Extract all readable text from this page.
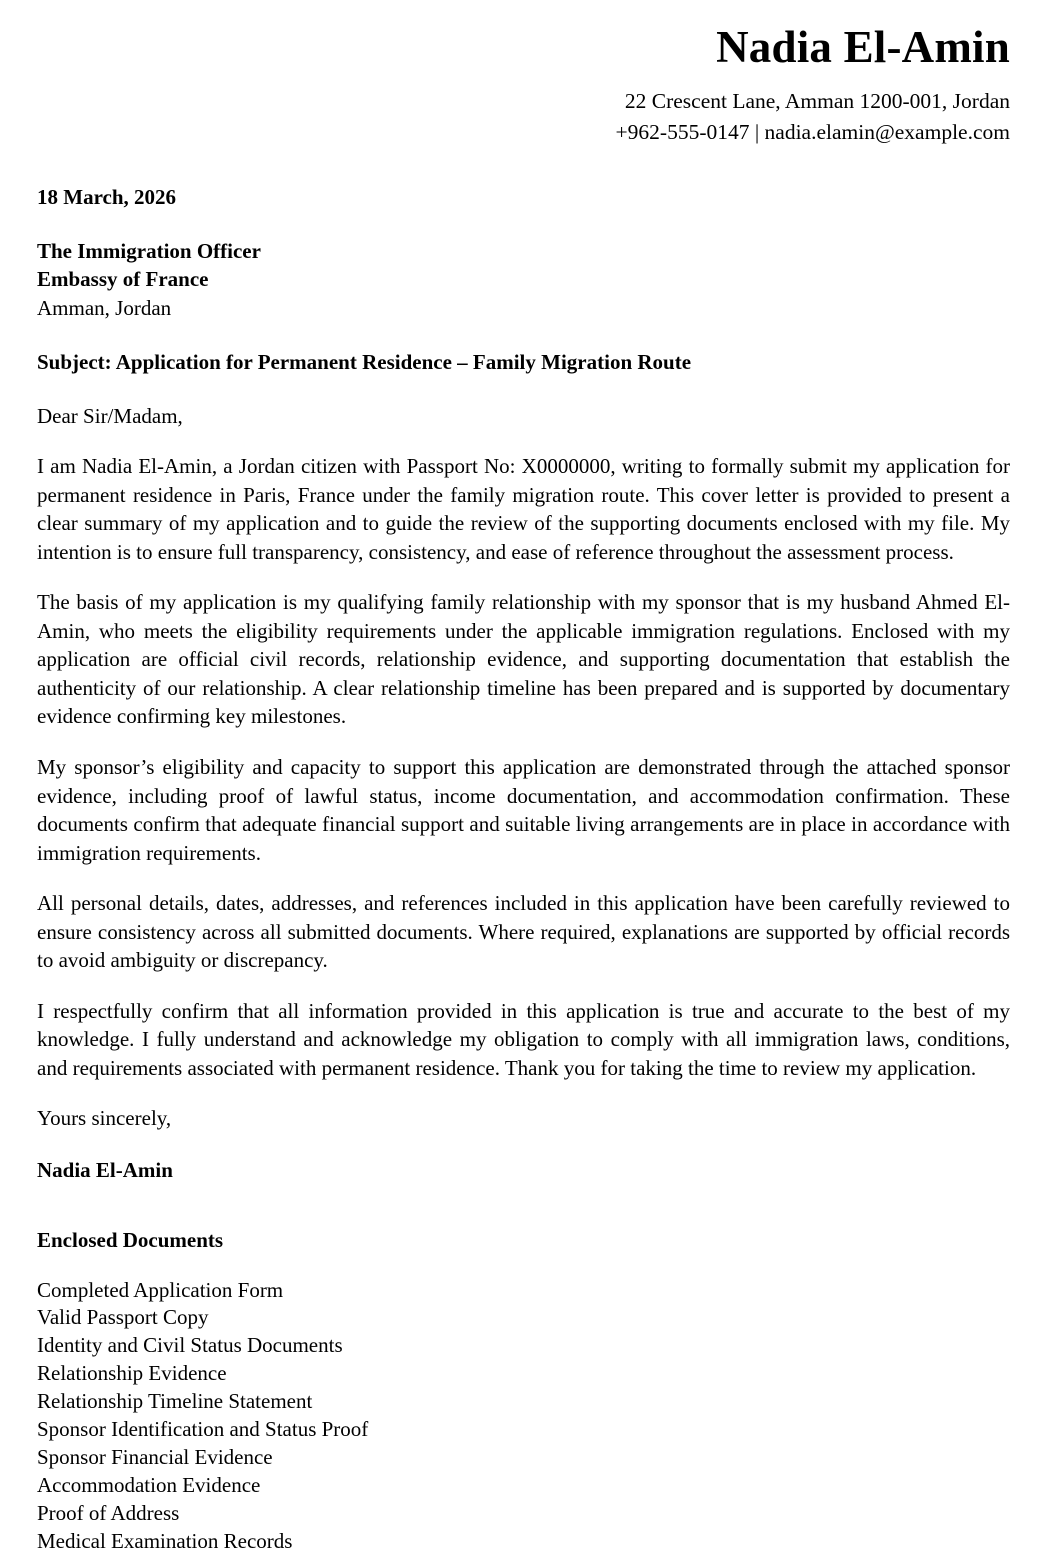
Nadia El-Amin
22 Crescent Lane, Amman 1200-001, Jordan
+962-555-0147 | nadia.elamin@example.com
18 March, 2026
The Immigration Officer
Embassy of France
Amman, Jordan
Subject: Application for Permanent Residence – Family Migration Route
Dear Sir/Madam,

I am Nadia El-Amin, a Jordan citizen with Passport No: X0000000, writing to formally submit my application for permanent residence in Paris, France under the family migration route. This cover letter is provided to present a clear summary of my application and to guide the review of the supporting documents enclosed with my file. My intention is to ensure full transparency, consistency, and ease of reference throughout the assessment process.

The basis of my application is my qualifying family relationship with my sponsor that is my husband Ahmed El-Amin, who meets the eligibility requirements under the applicable immigration regulations. Enclosed with my application are official civil records, relationship evidence, and supporting documentation that establish the authenticity of our relationship. A clear relationship timeline has been prepared and is supported by documentary evidence confirming key milestones.

My sponsor’s eligibility and capacity to support this application are demonstrated through the attached sponsor evidence, including proof of lawful status, income documentation, and accommodation confirmation. These documents confirm that adequate financial support and suitable living arrangements are in place in accordance with immigration requirements.

All personal details, dates, addresses, and references included in this application have been carefully reviewed to ensure consistency across all submitted documents. Where required, explanations are supported by official records to avoid ambiguity or discrepancy.

I respectfully confirm that all information provided in this application is true and accurate to the best of my knowledge. I fully understand and acknowledge my obligation to comply with all immigration laws, conditions, and requirements associated with permanent residence. Thank you for taking the time to review my application.

Yours sincerely,
Nadia El-Amin
Enclosed Documents
Completed Application Form
Valid Passport Copy
Identity and Civil Status Documents
Relationship Evidence
Relationship Timeline Statement
Sponsor Identification and Status Proof
Sponsor Financial Evidence
Accommodation Evidence
Proof of Address
Medical Examination Records
